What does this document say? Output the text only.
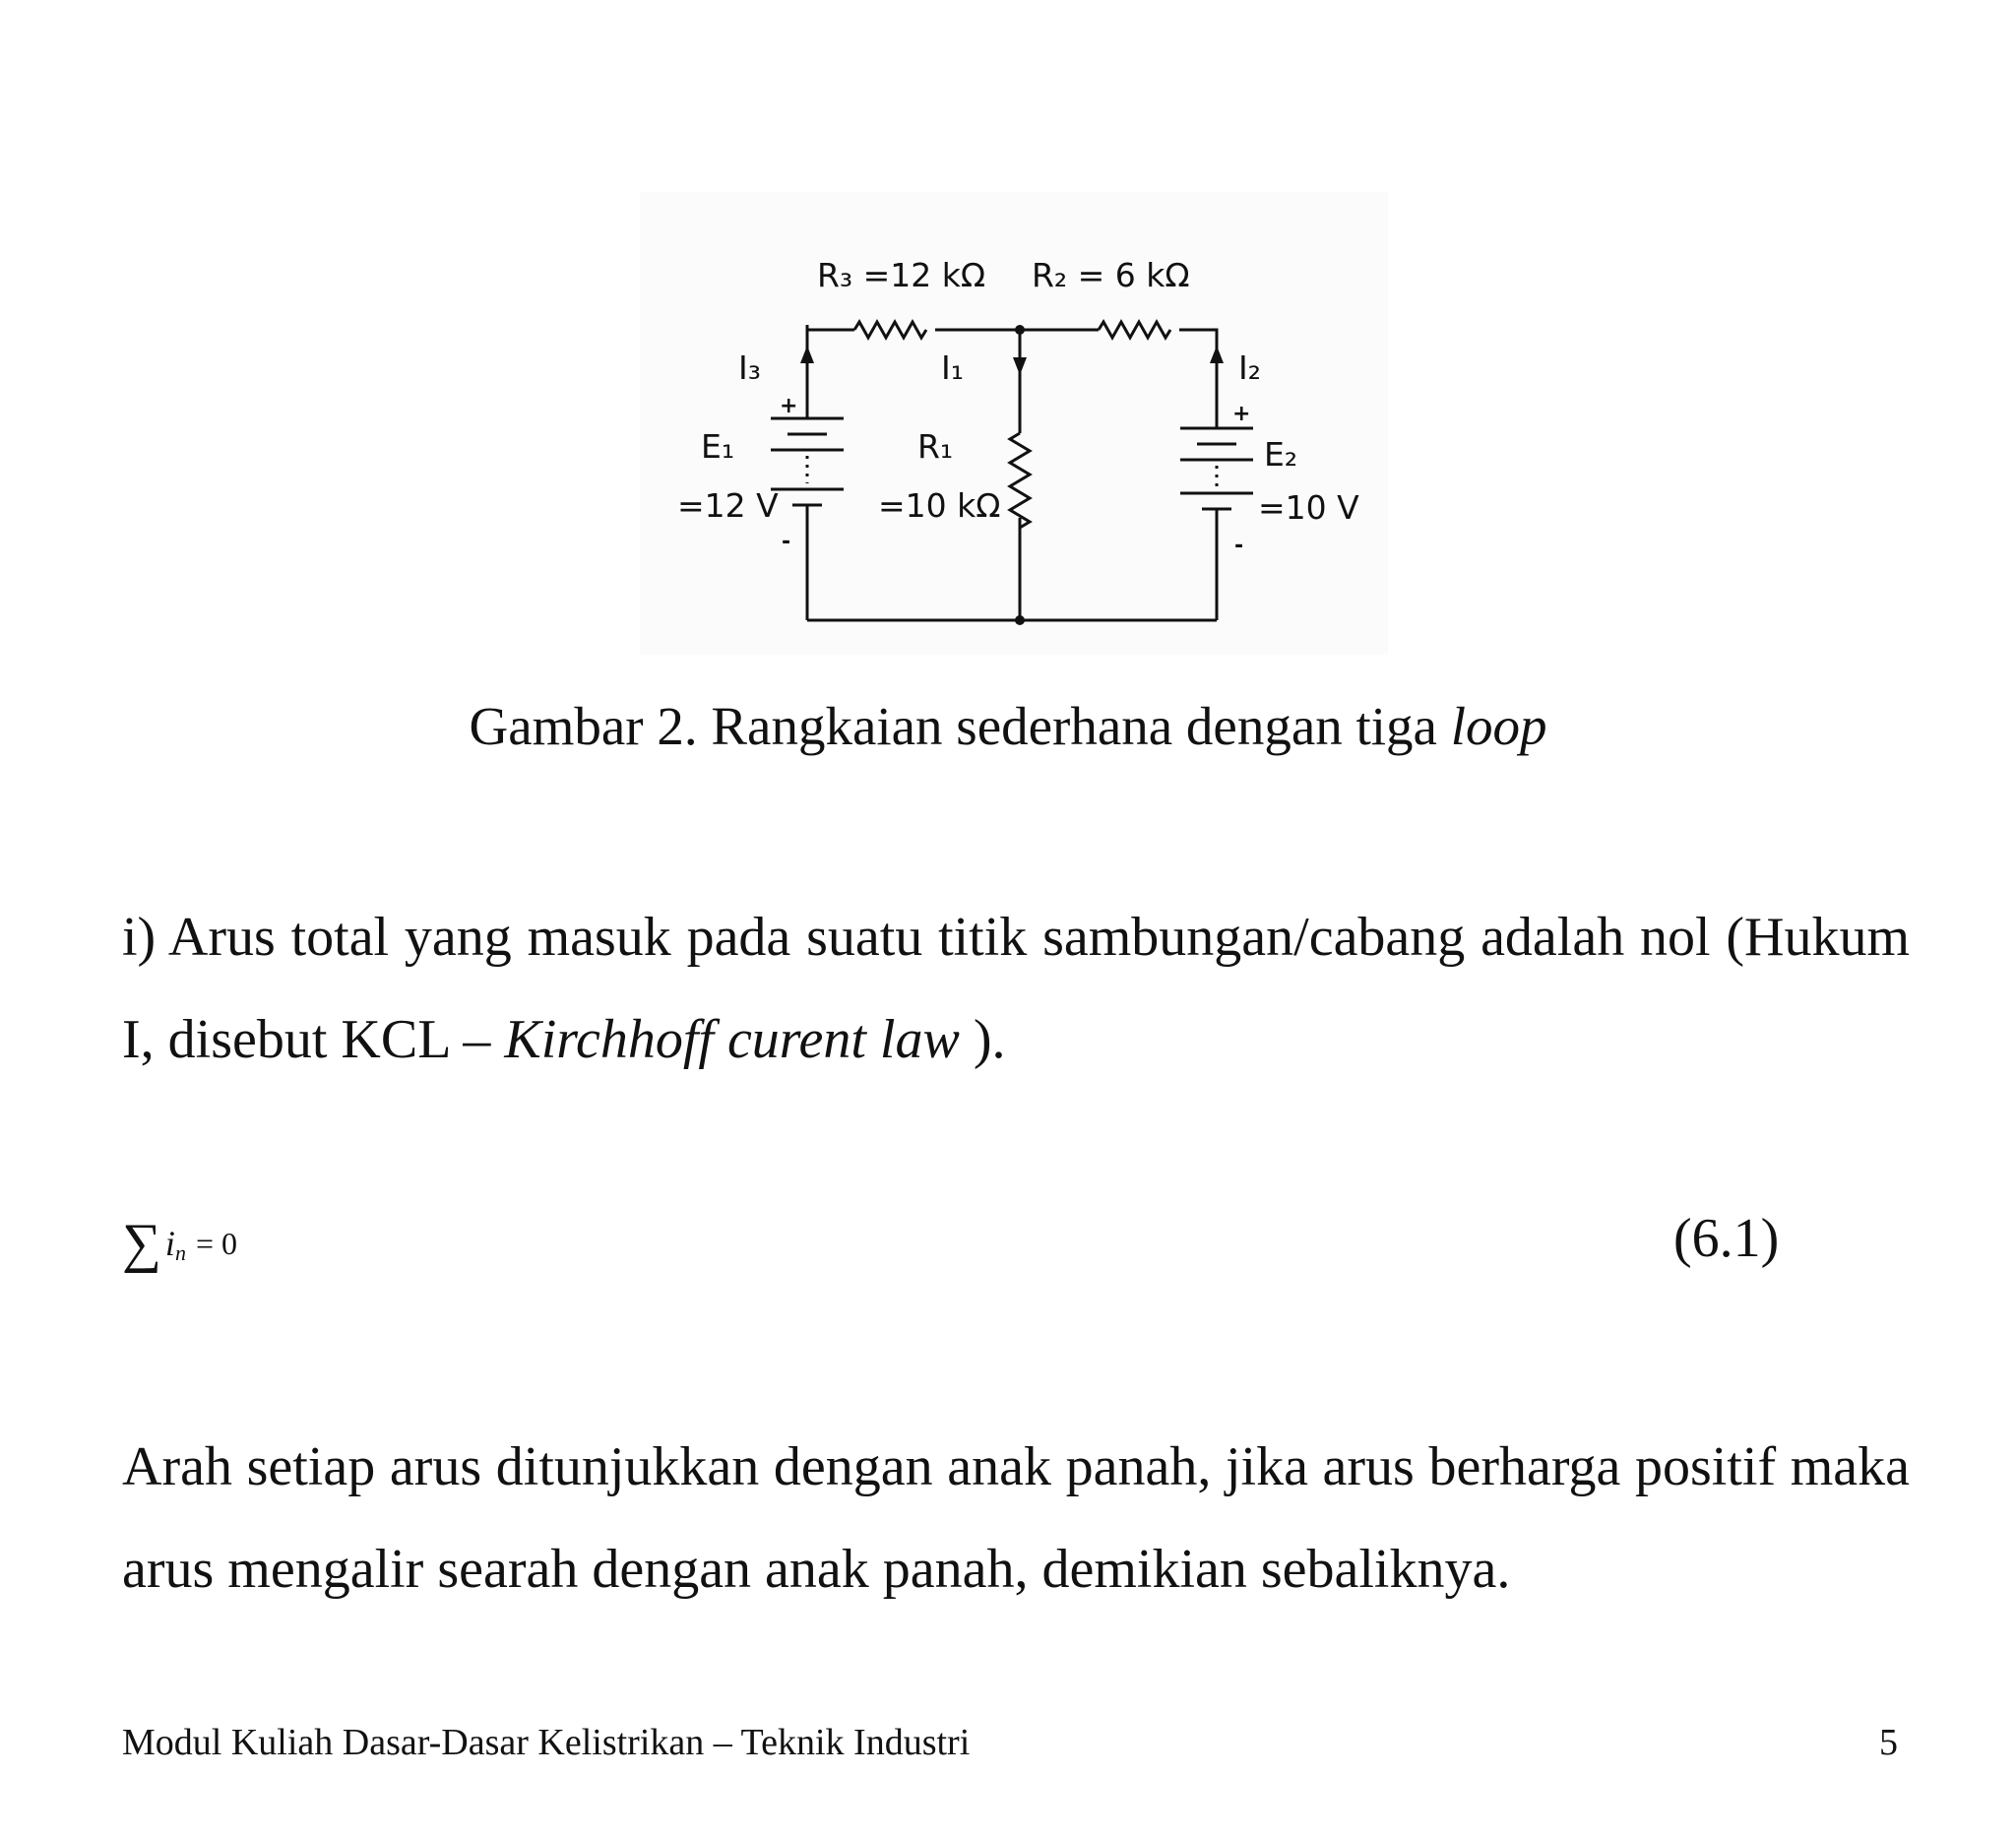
R₃ =12 kΩ R₂ = 6 kΩ
I₃	I₁	I₂
+	+
E₁	R₁	E₂
=12 V	=10 kΩ	=10 V
-	-
Gambar 2. Rangkaian sederhana dengan tiga loop

i) Arus total yang masuk pada suatu titik sambungan/cabang adalah nol (Hukum I, disebut KCL – Kirchhoff curent law ).

∑ i n = 0	(6.1)

Arah setiap arus ditunjukkan dengan anak panah, jika arus berharga positif maka arus mengalir searah dengan anak panah, demikian sebaliknya.

Modul Kuliah Dasar-Dasar Kelistrikan – Teknik Industri	5
